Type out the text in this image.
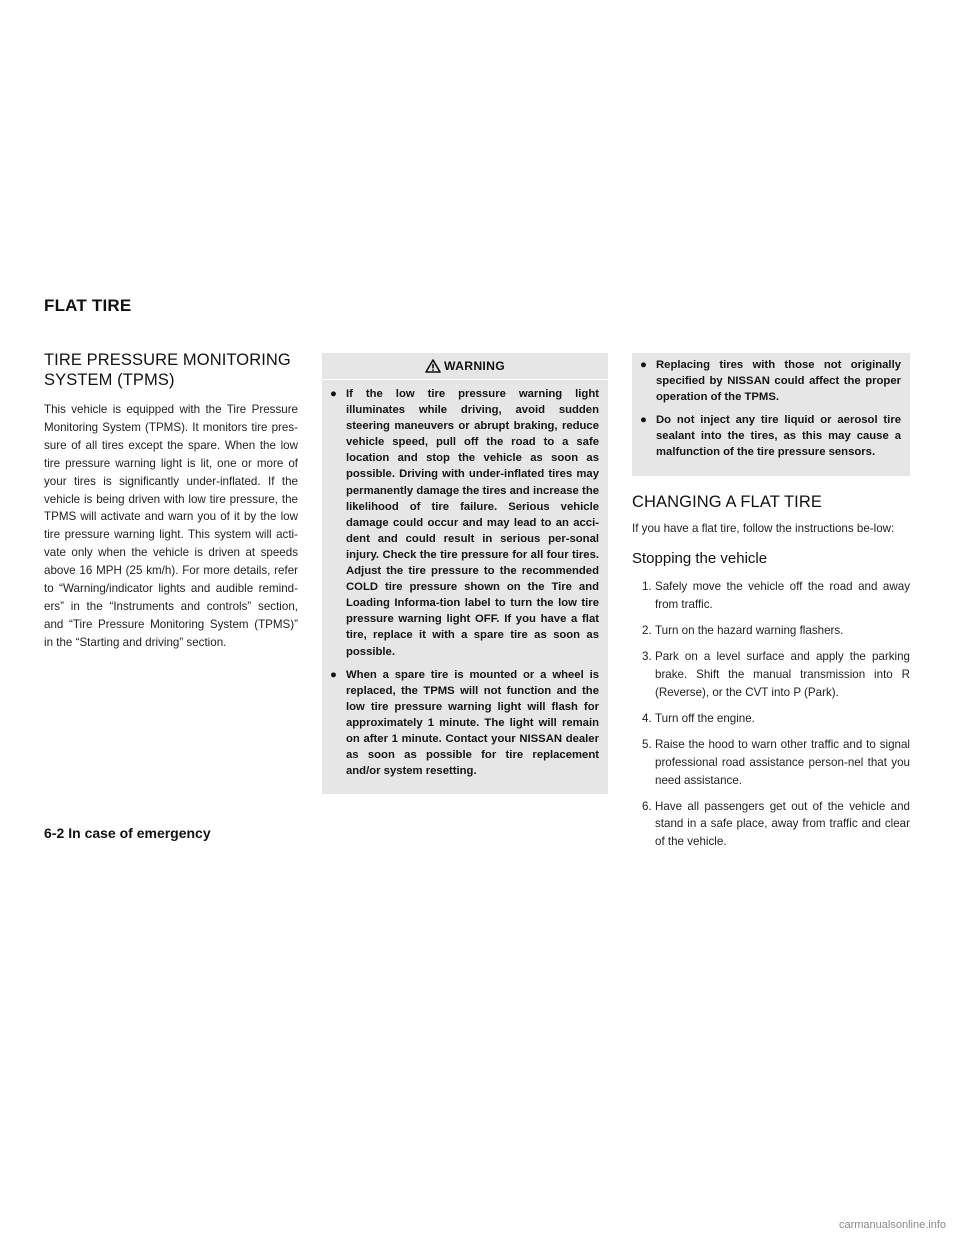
FLAT TIRE
TIRE PRESSURE MONITORING
SYSTEM (TPMS)

This vehicle is equipped with the Tire Pressure Monitoring System (TPMS). It monitors tire pres-sure of all tires except the spare. When the low tire pressure warning light is lit, one or more of your tires is significantly under-inflated. If the vehicle is being driven with low tire pressure, the TPMS will activate and warn you of it by the low tire pressure warning light. This system will acti-vate only when the vehicle is driven at speeds above 16 MPH (25 km/h). For more details, refer to “Warning/indicator lights and audible remind-ers” in the “Instruments and controls” section, and “Tire Pressure Monitoring System (TPMS)” in the “Starting and driving” section.

WARNING
● If the low tire pressure warning light illuminates while driving, avoid sudden steering maneuvers or abrupt braking, reduce vehicle speed, pull off the road to a safe location and stop the vehicle as soon as possible. Driving with under-inflated tires may permanently damage the tires and increase the likelihood of tire failure. Serious vehicle damage could occur and may lead to an acci-dent and could result in serious per-sonal injury. Check the tire pressure for all four tires. Adjust the tire pressure to the recommended COLD tire pressure shown on the Tire and Loading Informa-tion label to turn the low tire pressure warning light OFF. If you have a flat tire, replace it with a spare tire as soon as possible.
● When a spare tire is mounted or a wheel is replaced, the TPMS will not function and the low tire pressure warning light will flash for approximately 1 minute. The light will remain on after 1 minute. Contact your NISSAN dealer as soon as possible for tire replacement and/or system resetting.
● Replacing tires with those not originally specified by NISSAN could affect the proper operation of the TPMS.
● Do not inject any tire liquid or aerosol tire sealant into the tires, as this may cause a malfunction of the tire pressure sensors.
CHANGING A FLAT TIRE

If you have a flat tire, follow the instructions be-low:

Stopping the vehicle
1. Safely move the vehicle off the road and away from traffic.
2. Turn on the hazard warning flashers.
3. Park on a level surface and apply the parking brake. Shift the manual transmission into R (Reverse), or the CVT into P (Park).
4. Turn off the engine.
5. Raise the hood to warn other traffic and to signal professional road assistance person-nel that you need assistance.
6. Have all passengers get out of the vehicle and stand in a safe place, away from traffic and clear of the vehicle.
6-2 In case of emergency
carmanualsonline.info
